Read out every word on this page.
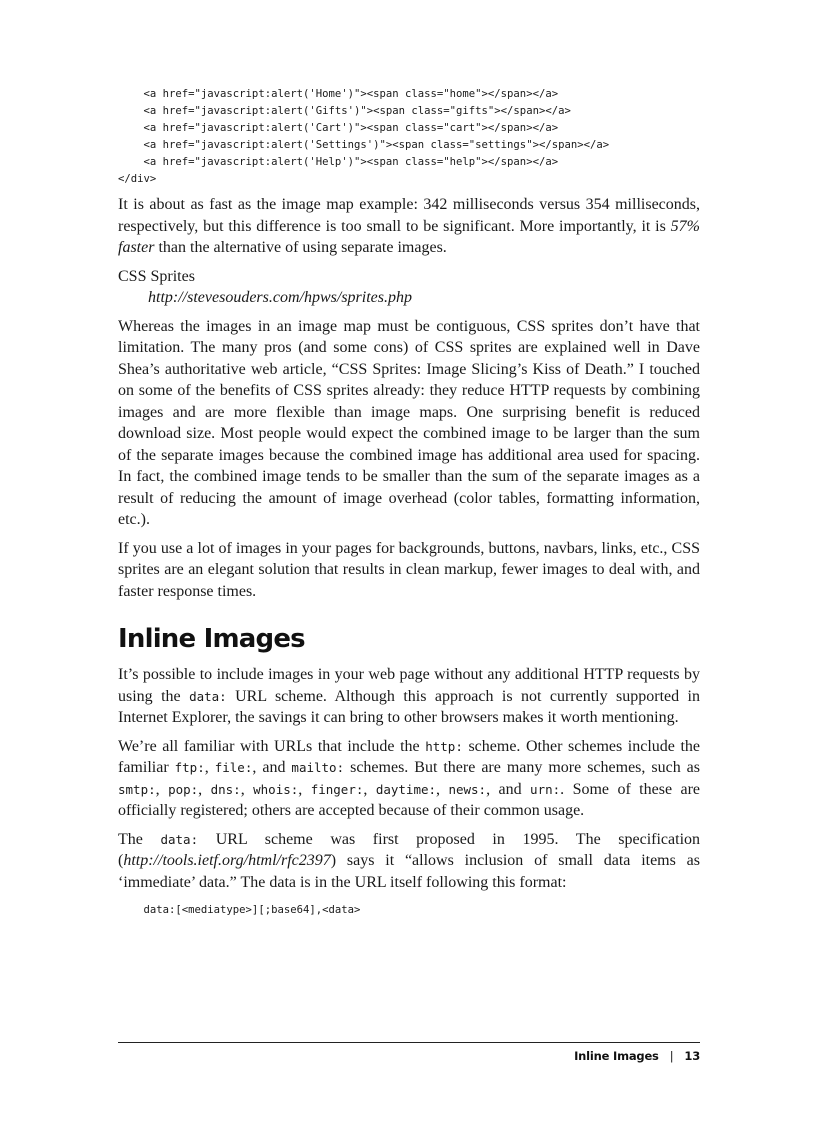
<a href="javascript:alert('Home')"><span class="home"></span></a>
<a href="javascript:alert('Gifts')"><span class="gifts"></span></a>
<a href="javascript:alert('Cart')"><span class="cart"></span></a>
<a href="javascript:alert('Settings')"><span class="settings"></span></a>
<a href="javascript:alert('Help')"><span class="help"></span></a>
</div>

It is about as fast as the image map example: 342 milliseconds versus 354 milliseconds, respectively, but this difference is too small to be significant. More importantly, it is 57% faster than the alternative of using separate images.

CSS Sprites
http://stevesouders.com/hpws/sprites.php

Whereas the images in an image map must be contiguous, CSS sprites don’t have that limitation. The many pros (and some cons) of CSS sprites are explained well in Dave Shea’s authoritative web article, “CSS Sprites: Image Slicing’s Kiss of Death.” I touched on some of the benefits of CSS sprites already: they reduce HTTP requests by combining images and are more flexible than image maps. One surprising benefit is reduced download size. Most people would expect the combined image to be larger than the sum of the separate images because the combined image has additional area used for spacing. In fact, the combined image tends to be smaller than the sum of the separate images as a result of reducing the amount of image overhead (color tables, formatting information, etc.).

If you use a lot of images in your pages for backgrounds, buttons, navbars, links, etc., CSS sprites are an elegant solution that results in clean markup, fewer images to deal with, and faster response times.

Inline Images

It’s possible to include images in your web page without any additional HTTP requests by using the data: URL scheme. Although this approach is not currently supported in Internet Explorer, the savings it can bring to other browsers makes it worth mentioning.

We’re all familiar with URLs that include the http: scheme. Other schemes include the familiar ftp:, file:, and mailto: schemes. But there are many more schemes, such as smtp:, pop:, dns:, whois:, finger:, daytime:, news:, and urn:. Some of these are officially registered; others are accepted because of their common usage.

The data: URL scheme was first proposed in 1995. The specification (http://tools.ietf.org/html/rfc2397) says it “allows inclusion of small data items as ‘immediate’ data.” The data is in the URL itself following this format:

data:[<mediatype>][;base64],<data>
Inline Images | 13
